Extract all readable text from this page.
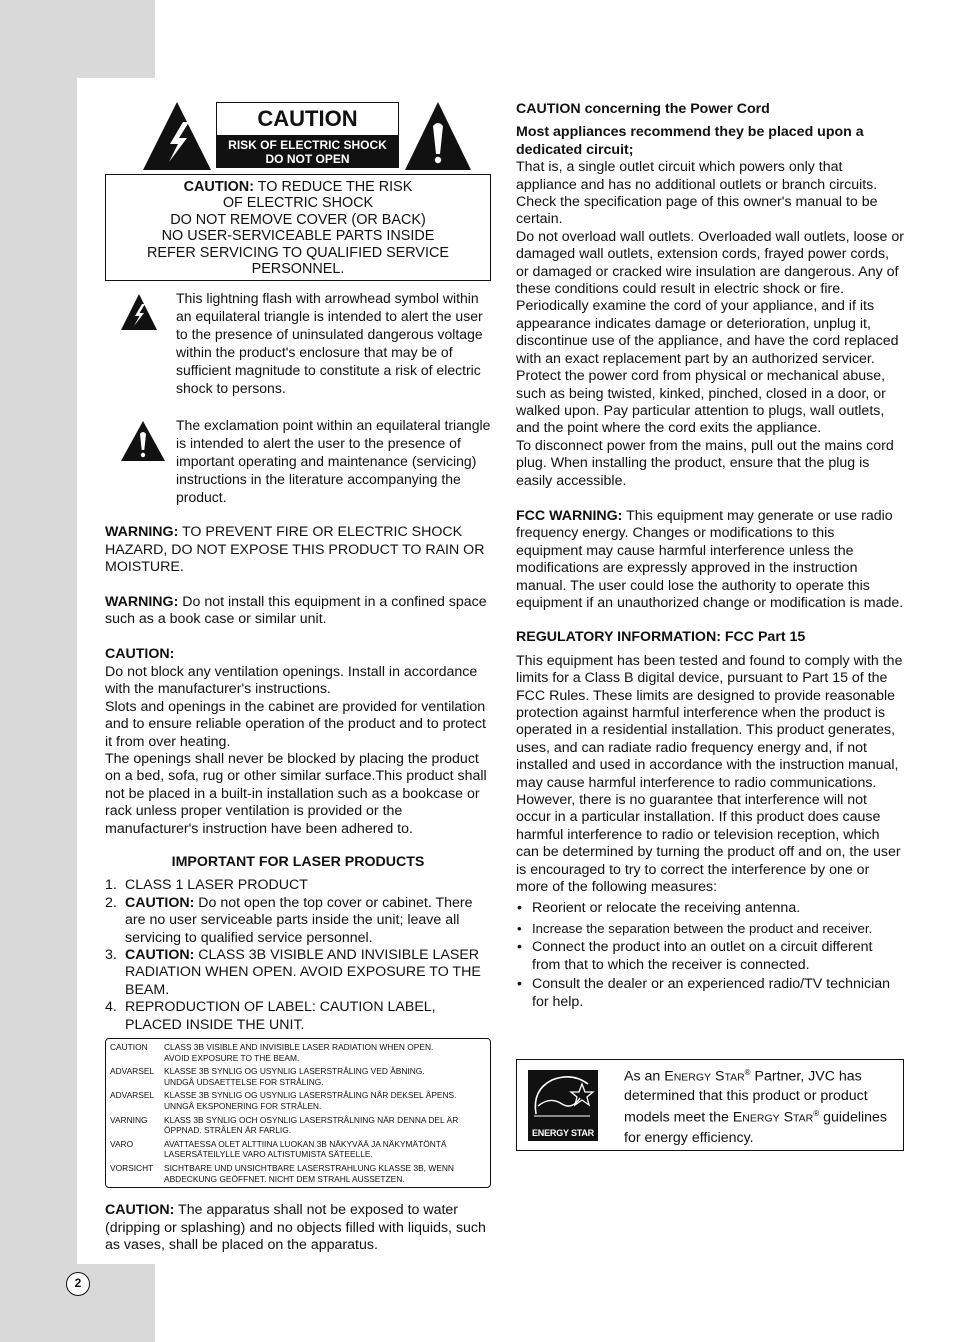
2
CAUTION
RISK OF ELECTRIC SHOCK
DO NOT OPEN
CAUTION: TO REDUCE THE RISK
OF ELECTRIC SHOCK
DO NOT REMOVE COVER (OR BACK)
NO USER-SERVICEABLE PARTS INSIDE
REFER SERVICING TO QUALIFIED SERVICE
PERSONNEL.

This lightning flash with arrowhead symbol within an equilateral triangle is intended to alert the user to the presence of uninsulated dangerous voltage within the product's enclosure that may be of sufficient magnitude to constitute a risk of electric shock to persons.

The exclamation point within an equilateral triangle is intended to alert the user to the presence of important operating and maintenance (servicing) instructions in the literature accompanying the product.

WARNING: TO PREVENT FIRE OR ELECTRIC SHOCK HAZARD, DO NOT EXPOSE THIS PRODUCT TO RAIN OR MOISTURE.

WARNING: Do not install this equipment in a confined space such as a book case or similar unit.

CAUTION:

Do not block any ventilation openings. Install in accordance with the manufacturer's instructions.

Slots and openings in the cabinet are provided for ventilation and to ensure reliable operation of the product and to protect it from over heating.

The openings shall never be blocked by placing the product on a bed, sofa, rug or other similar surface.This product shall not be placed in a built-in installation such as a bookcase or rack unless proper ventilation is provided or the manufacturer's instruction have been adhered to.

IMPORTANT FOR LASER PRODUCTS

1. CLASS 1 LASER PRODUCT
2. CAUTION: Do not open the top cover or cabinet. There are no user serviceable parts inside the unit; leave all servicing to qualified service personnel.
3. CAUTION: CLASS 3B VISIBLE AND INVISIBLE LASER RADIATION WHEN OPEN. AVOID EXPOSURE TO THE BEAM.
4. REPRODUCTION OF LABEL: CAUTION LABEL, PLACED INSIDE THE UNIT.
CAUTION	CLASS 3B VISIBLE AND INVISIBLE LASER RADIATION WHEN OPEN.
AVOID EXPOSURE TO THE BEAM.
ADVARSEL	KLASSE 3B SYNLIG OG USYNLIG LASERSTRÅLING VED ÅBNING.
UNDGÅ UDSAETTELSE FOR STRÅLING.
ADVARSEL	KLASSE 3B SYNLIG OG USYNLIG LASERSTRÅLING NÅR DEKSEL ÅPENS.
UNNGÅ EKSPONERING FOR STRÅLEN.
VARNING	KLASS 3B SYNLIG OCH OSYNLIG LASERSTRÅLNING NÄR DENNA DEL ÄR
ÖPPNAD. STRÅLEN ÄR FARLIG.
VARO	AVATTAESSA OLET ALTTIINA LUOKAN 3B NÄKYVÄÄ JA NÄKYMÄTÖNTÄ
LASERSÄTEILYLLE VARO ALTISTUMISTA SÄTEELLE.
VORSICHT	SICHTBARE UND UNSICHTBARE LASERSTRAHLUNG KLASSE 3B, WENN
ABDECKUNG GEÖFFNET. NICHT DEM STRAHL AUSSETZEN.

CAUTION: The apparatus shall not be exposed to water (dripping or splashing) and no objects filled with liquids, such as vases, shall be placed on the apparatus.

CAUTION concerning the Power Cord

Most appliances recommend they be placed upon a dedicated circuit;

That is, a single outlet circuit which powers only that appliance and has no additional outlets or branch circuits. Check the specification page of this owner's manual to be certain.

Do not overload wall outlets. Overloaded wall outlets, loose or damaged wall outlets, extension cords, frayed power cords, or damaged or cracked wire insulation are dangerous. Any of these conditions could result in electric shock or fire. Periodically examine the cord of your appliance, and if its appearance indicates damage or deterioration, unplug it, discontinue use of the appliance, and have the cord replaced with an exact replacement part by an authorized servicer.

Protect the power cord from physical or mechanical abuse, such as being twisted, kinked, pinched, closed in a door, or walked upon. Pay particular attention to plugs, wall outlets, and the point where the cord exits the appliance.

To disconnect power from the mains, pull out the mains cord plug. When installing the product, ensure that the plug is easily accessible.

FCC WARNING: This equipment may generate or use radio frequency energy. Changes or modifications to this equipment may cause harmful interference unless the modifications are expressly approved in the instruction manual. The user could lose the authority to operate this equipment if an unauthorized change or modification is made.

REGULATORY INFORMATION: FCC Part 15

This equipment has been tested and found to comply with the limits for a Class B digital device, pursuant to Part 15 of the FCC Rules. These limits are designed to provide reasonable protection against harmful interference when the product is operated in a residential installation. This product generates, uses, and can radiate radio frequency energy and, if not installed and used in accordance with the instruction manual, may cause harmful interference to radio communications. However, there is no guarantee that interference will not occur in a particular installation. If this product does cause harmful interference to radio or television reception, which can be determined by turning the product off and on, the user is encouraged to try to correct the interference by one or more of the following measures:

• Reorient or relocate the receiving antenna.
• Increase the separation between the product and receiver.
• Connect the product into an outlet on a circuit different from that to which the receiver is connected.
• Consult the dealer or an experienced radio/TV technician for help.
ENERGY STAR

As an ENERGY STAR® Partner, JVC has determined that this product or product models meet the ENERGY STAR® guidelines for energy efficiency.
